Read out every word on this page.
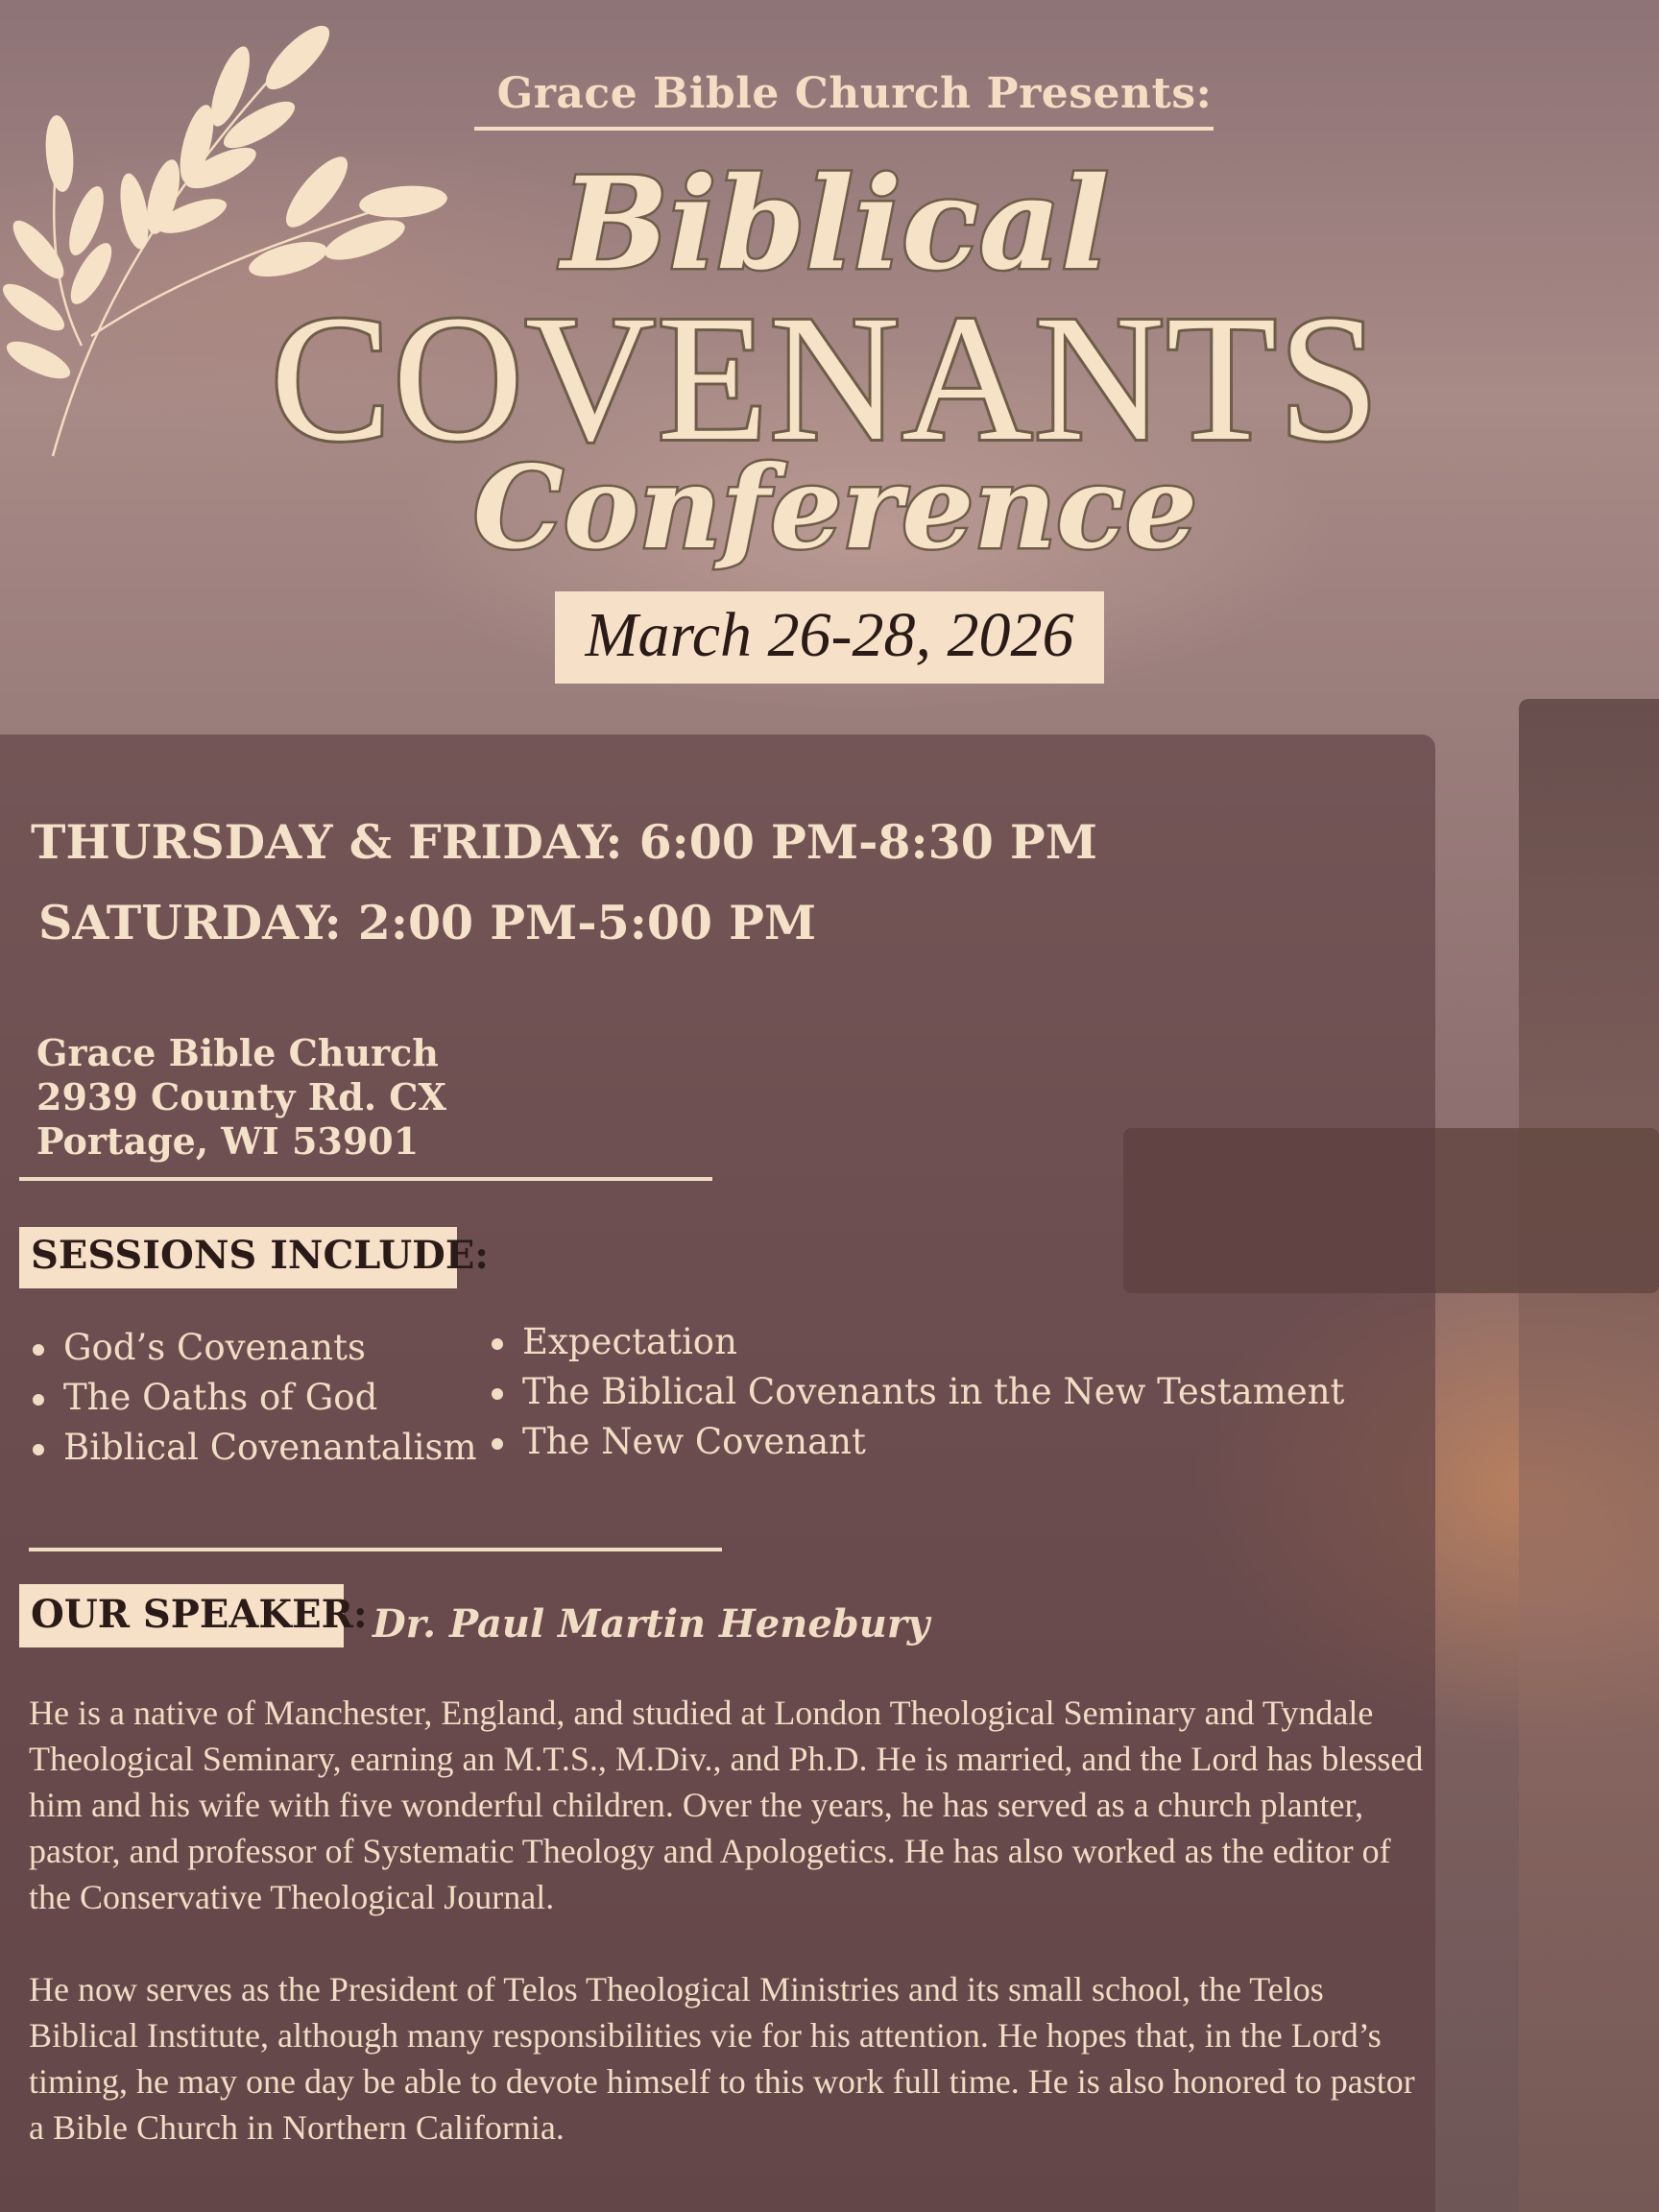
Grace Bible Church Presents:
Biblical
COVENANTS
Conference
March 26-28, 2026
THURSDAY & FRIDAY: 6:00 PM-8:30 PM
SATURDAY: 2:00 PM-5:00 PM
Grace Bible Church
2939 County Rd. CX
Portage, WI 53901
SESSIONS INCLUDE:
God’s Covenants
The Oaths of God
Biblical Covenantalism
Expectation
The Biblical Covenants in the New Testament
The New Covenant
OUR SPEAKER: Dr. Paul Martin Henebury

He is a native of Manchester, England, and studied at London Theological Seminary and Tyndale Theological Seminary, earning an M.T.S., M.Div., and Ph.D. He is married, and the Lord has blessed him and his wife with five wonderful children. Over the years, he has served as a church planter, pastor, and professor of Systematic Theology and Apologetics. He has also worked as the editor of the Conservative Theological Journal.

He now serves as the President of Telos Theological Ministries and its small school, the Telos Biblical Institute, although many responsibilities vie for his attention. He hopes that, in the Lord’s timing, he may one day be able to devote himself to this work full time. He is also honored to pastor a Bible Church in Northern California.
